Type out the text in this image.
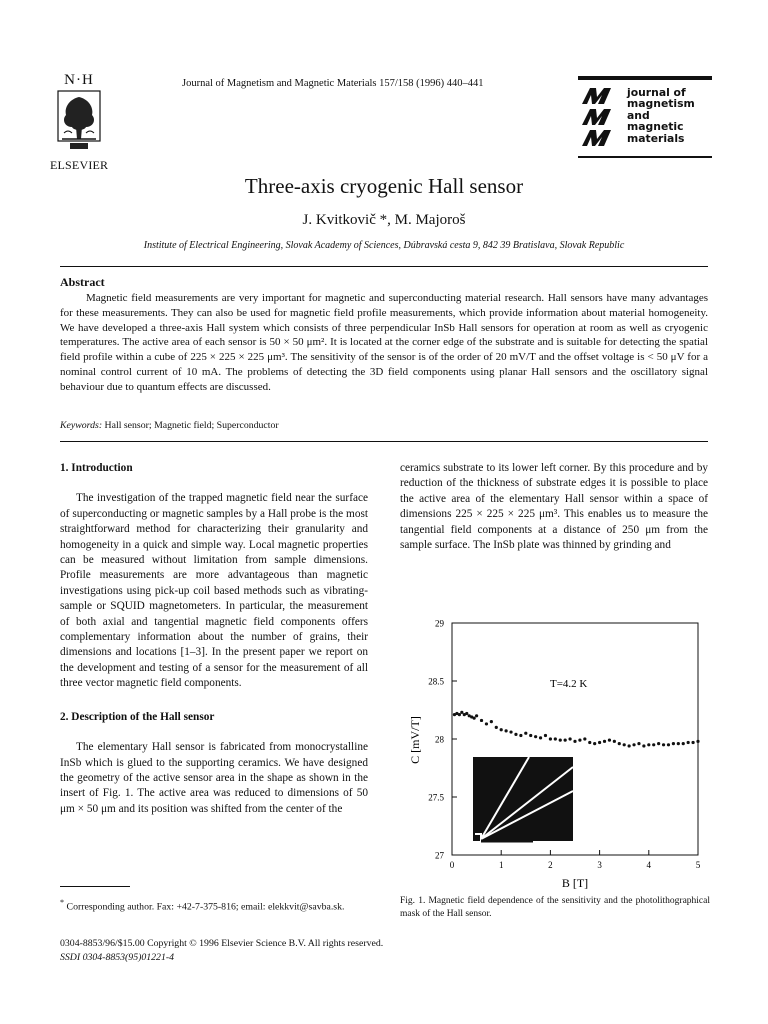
N·H
ELSEVIER
Journal of Magnetism and Magnetic Materials 157/158 (1996) 440–441
journal of
magnetism
and
magnetic
materials
Three-axis cryogenic Hall sensor
J. Kvitkovič *, M. Majoroš
Institute of Electrical Engineering, Slovak Academy of Sciences, Dúbravská cesta 9, 842 39 Bratislava, Slovak Republic
Abstract
Magnetic field measurements are very important for magnetic and superconducting material research. Hall sensors have many advantages for these measurements. They can also be used for magnetic field profile measurements, which provide information about material homogeneity. We have developed a three-axis Hall system which consists of three perpendicular InSb Hall sensors for operation at room as well as cryogenic temperatures. The active area of each sensor is 50 × 50 μm². It is located at the corner edge of the substrate and is suitable for detecting the spatial field profile within a cube of 225 × 225 × 225 μm³. The sensitivity of the sensor is of the order of 20 mV/T and the offset voltage is < 50 μV for a nominal control current of 10 mA. The problems of detecting the 3D field components using planar Hall sensors and the oscillatory signal behaviour due to quantum effects are discussed.
Keywords: Hall sensor; Magnetic field; Superconductor
1. Introduction

The investigation of the trapped magnetic field near the surface of superconducting or magnetic samples by a Hall probe is the most straightforward method for characterizing their granularity and homogeneity in a quick and simple way. Local magnetic properties can be measured without limitation from sample dimensions. Profile measurements are more advantageous than magnetic investigations using pick-up coil based methods such as vibrating-sample or SQUID magnetometers. In particular, the measurement of both axial and tangential magnetic field components offers complementary information about the number of grains, their dimensions and locations [1–3]. In the present paper we report on the development and testing of a sensor for the measurement of all three vector magnetic field components.

2. Description of the Hall sensor

The elementary Hall sensor is fabricated from monocrystalline InSb which is glued to the supporting ceramics. We have designed the geometry of the active sensor area in the shape as shown in the insert of Fig. 1. The active area was reduced to dimensions of 50 μm × 50 μm and its position was shifted from the center of the

ceramics substrate to its lower left corner. By this procedure and by reduction of the thickness of substrate edges it is possible to place the active area of the elementary Hall sensor within a space of dimensions 225 × 225 × 225 μm³. This enables us to measure the tangential field components at a distance of 250 μm from the sample surface. The InSb plate was thinned by grinding and

29
28.5
28
27.5
27
0	1	2	3	4	5
T=4.2 K
C [mV/T]
B [T]
Fig. 1. Magnetic field dependence of the sensitivity and the photolithographical mask of the Hall sensor.
* Corresponding author. Fax: +42-7-375-816; email: elekkvit@savba.sk.
0304-8853/96/$15.00 Copyright © 1996 Elsevier Science B.V. All rights reserved.
SSDI 0304-8853(95)01221-4
